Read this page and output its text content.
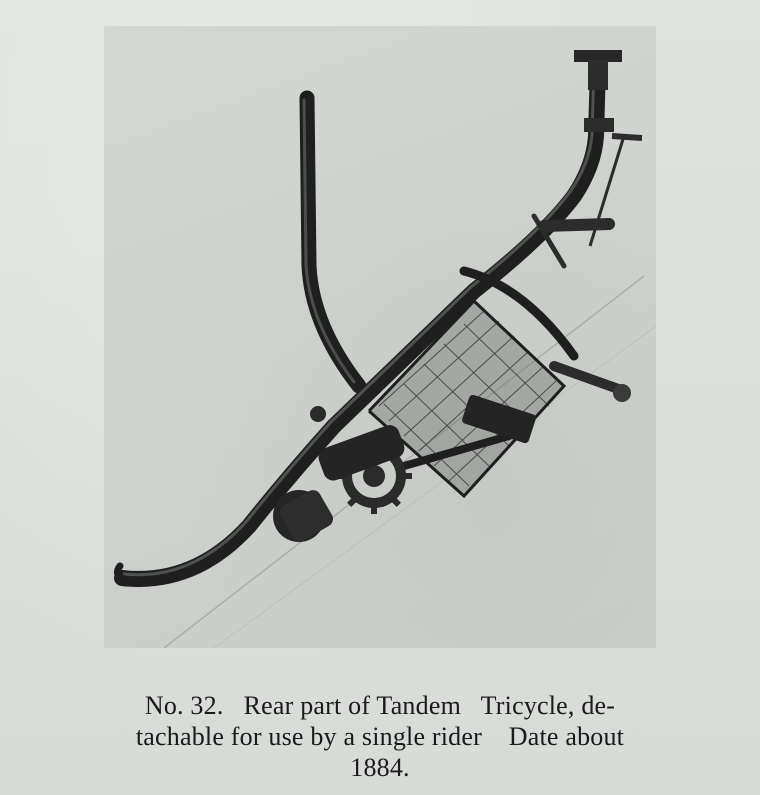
No. 32.   Rear part of Tandem   Tricycle, de-
tachable for use by a single rider    Date about
1884.
